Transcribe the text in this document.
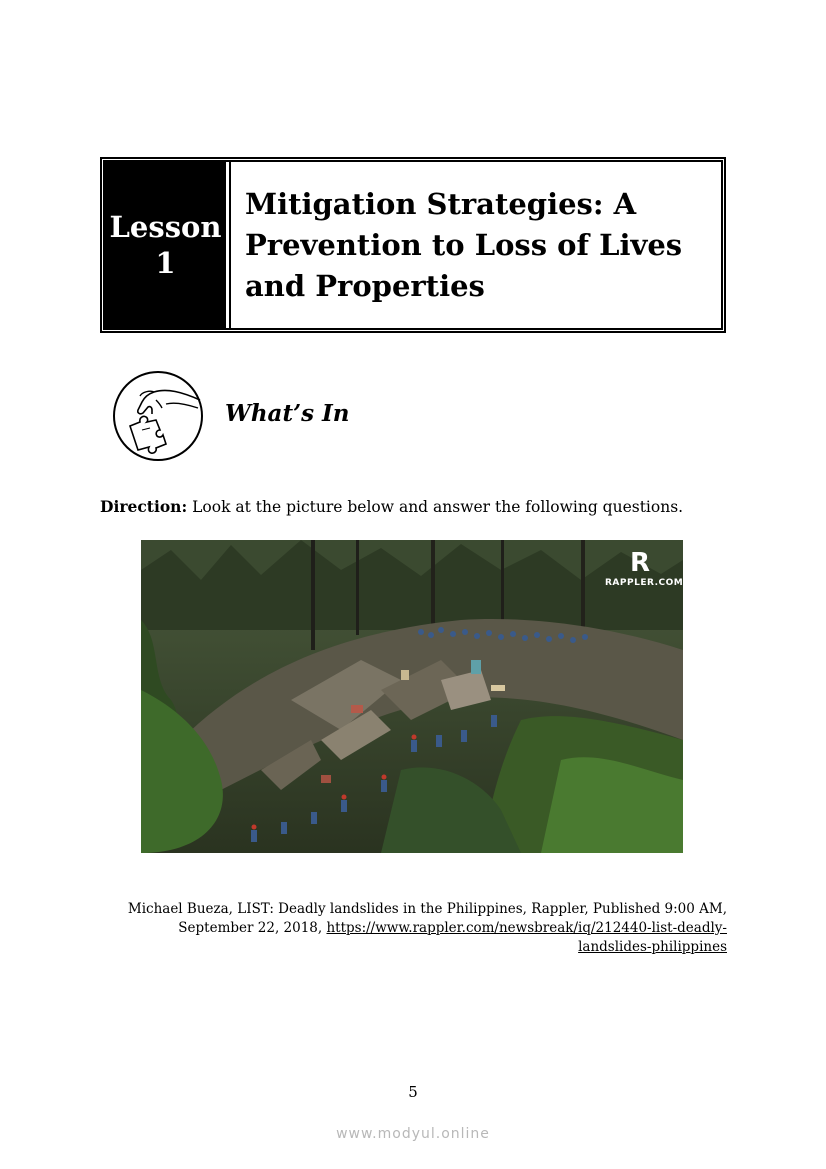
Lesson
1
Mitigation Strategies: A
Prevention to Loss of Lives
and Properties
What’s In

Direction: Look at the picture below and answer the following questions.

R
RAPPLER.COM

Michael Bueza, LIST: Deadly landslides in the Philippines, Rappler, Published 9:00 AM,
September 22, 2018, https://www.rappler.com/newsbreak/iq/212440-list-deadly-
landslides-philippines

5

www.modyul.online
